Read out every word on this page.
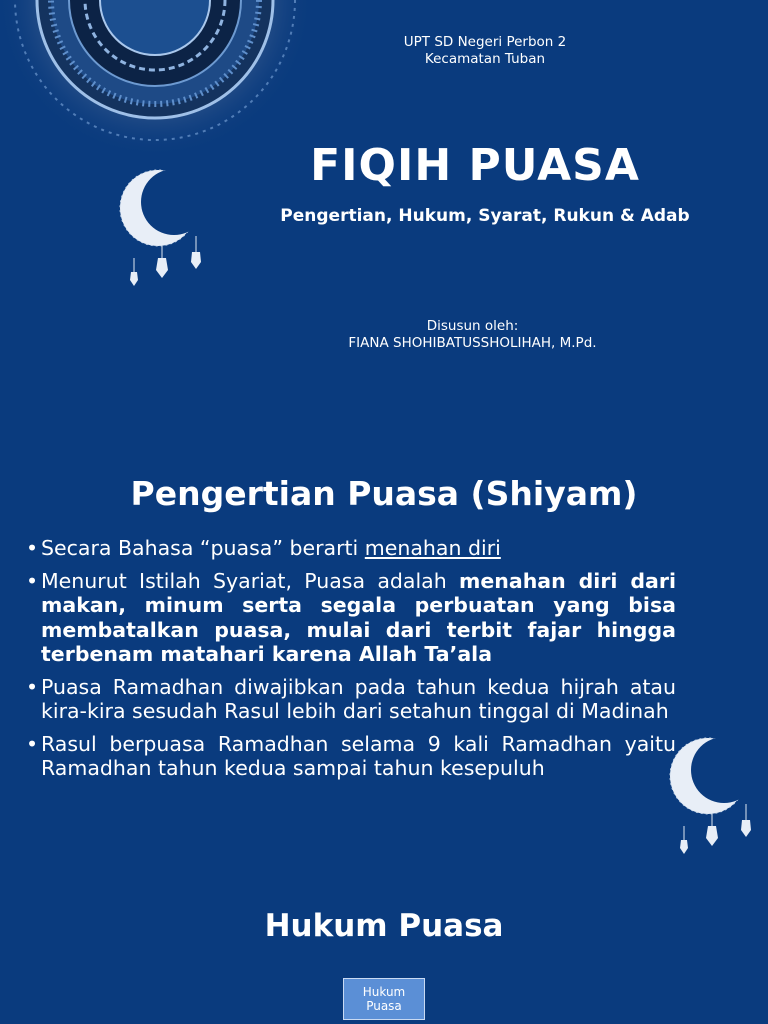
UPT SD Negeri Perbon 2
Kecamatan Tuban
FIQIH PUASA
Pengertian, Hukum, Syarat, Rukun & Adab
Disusun oleh:
FIANA SHOHIBATUSSHOLIHAH, M.Pd.
Pengertian Puasa (Shiyam)
• Secara Bahasa “puasa” berarti menahan diri
• Menurut Istilah Syariat, Puasa adalah menahan diri dari makan, minum serta segala perbuatan yang bisa membatalkan puasa, mulai dari terbit fajar hingga terbenam matahari karena Allah Ta’ala
• Puasa Ramadhan diwajibkan pada tahun kedua hijrah atau kira-kira sesudah Rasul lebih dari setahun tinggal di Madinah
• Rasul berpuasa Ramadhan selama 9 kali Ramadhan yaitu Ramadhan tahun kedua sampai tahun kesepuluh
Hukum Puasa
Hukum
Puasa
